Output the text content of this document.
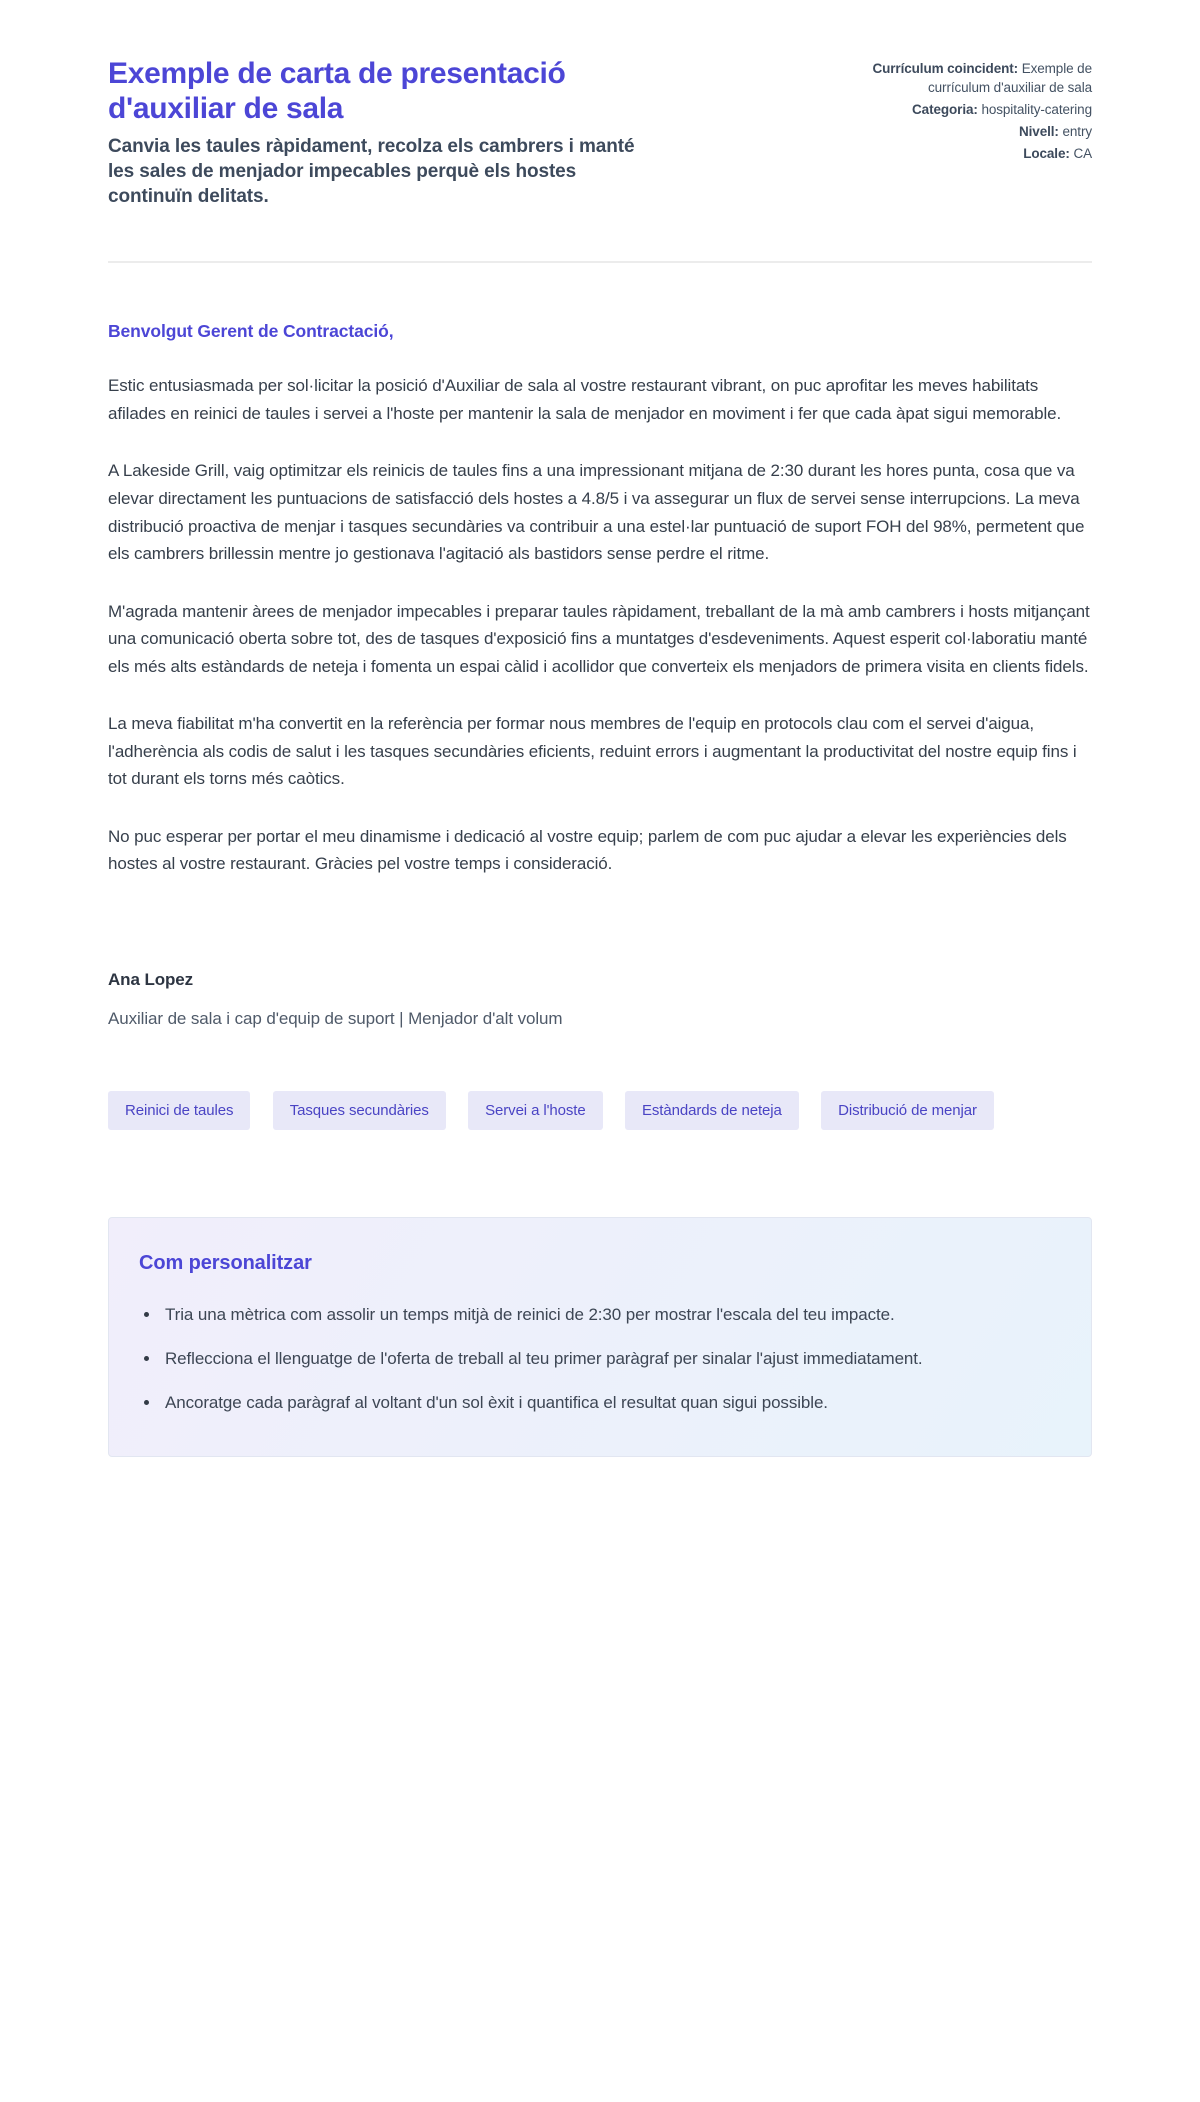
Exemple de carta de presentació d'auxiliar de sala

Canvia les taules ràpidament, recolza els cambrers i manté les sales de menjador impecables perquè els hostes continuïn delitats.

Currículum coincident: Exemple de currículum d'auxiliar de sala
Categoria: hospitality-catering
Nivell: entry
Locale: CA

Benvolgut Gerent de Contractació,

Estic entusiasmada per sol·licitar la posició d'Auxiliar de sala al vostre restaurant vibrant, on puc aprofitar les meves habilitats afilades en reinici de taules i servei a l'hoste per mantenir la sala de menjador en moviment i fer que cada àpat sigui memorable.

A Lakeside Grill, vaig optimitzar els reinicis de taules fins a una impressionant mitjana de 2:30 durant les hores punta, cosa que va elevar directament les puntuacions de satisfacció dels hostes a 4.8/5 i va assegurar un flux de servei sense interrupcions. La meva distribució proactiva de menjar i tasques secundàries va contribuir a una estel·lar puntuació de suport FOH del 98%, permetent que els cambrers brillessin mentre jo gestionava l'agitació als bastidors sense perdre el ritme.

M'agrada mantenir àrees de menjador impecables i preparar taules ràpidament, treballant de la mà amb cambrers i hosts mitjançant una comunicació oberta sobre tot, des de tasques d'exposició fins a muntatges d'esdeveniments. Aquest esperit col·laboratiu manté els més alts estàndards de neteja i fomenta un espai càlid i acollidor que converteix els menjadors de primera visita en clients fidels.

La meva fiabilitat m'ha convertit en la referència per formar nous membres de l'equip en protocols clau com el servei d'aigua, l'adherència als codis de salut i les tasques secundàries eficients, reduint errors i augmentant la productivitat del nostre equip fins i tot durant els torns més caòtics.

No puc esperar per portar el meu dinamisme i dedicació al vostre equip; parlem de com puc ajudar a elevar les experiències dels hostes al vostre restaurant. Gràcies pel vostre temps i consideració.

Ana Lopez

Auxiliar de sala i cap d'equip de suport | Menjador d'alt volum

Reinici de taules	Tasques secundàries	Servei a l'hoste	Estàndards de neteja	Distribució de menjar
Com personalitzar
• Tria una mètrica com assolir un temps mitjà de reinici de 2:30 per mostrar l'escala del teu impacte.
• Reflecciona el llenguatge de l'oferta de treball al teu primer paràgraf per sinalar l'ajust immediatament.
• Ancoratge cada paràgraf al voltant d'un sol èxit i quantifica el resultat quan sigui possible.
